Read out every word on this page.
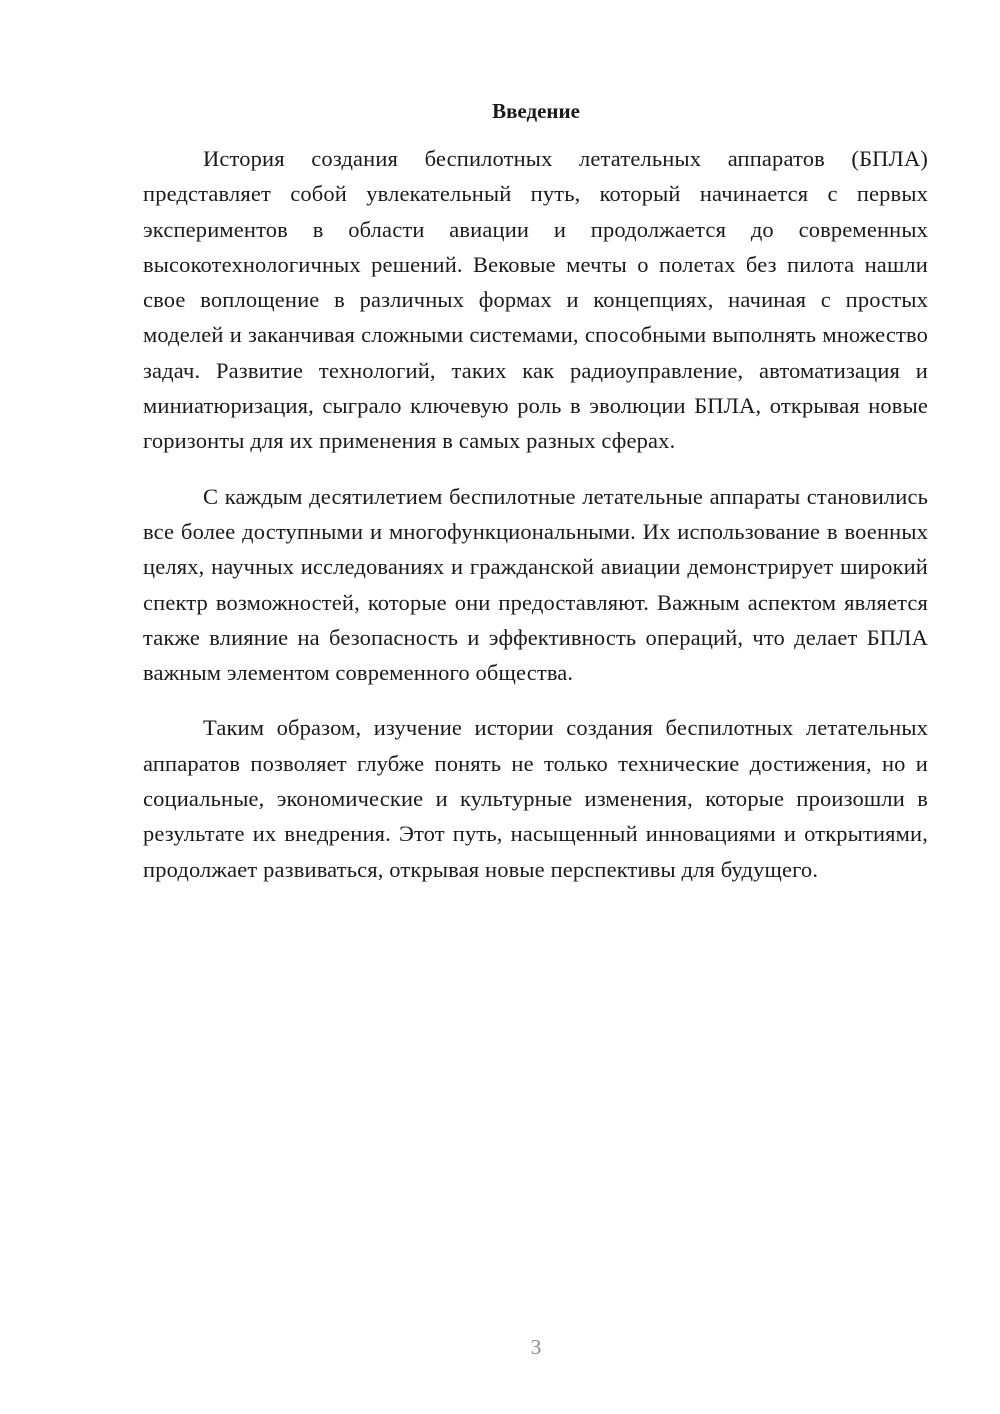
Введение

История создания беспилотных летательных аппаратов (БПЛА) представляет собой увлекательный путь, который начинается с первых экспериментов в области авиации и продолжается до современных высокотехнологичных решений. Вековые мечты о полетах без пилота нашли свое воплощение в различных формах и концепциях, начиная с простых моделей и заканчивая сложными системами, способными выполнять множество задач. Развитие технологий, таких как радиоуправление, автоматизация и миниатюризация, сыграло ключевую роль в эволюции БПЛА, открывая новые горизонты для их применения в самых разных сферах.

С каждым десятилетием беспилотные летательные аппараты становились все более доступными и многофункциональными. Их использование в военных целях, научных исследованиях и гражданской авиации демонстрирует широкий спектр возможностей, которые они предоставляют. Важным аспектом является также влияние на безопасность и эффективность операций, что делает БПЛА важным элементом современного общества.

Таким образом, изучение истории создания беспилотных летательных аппаратов позволяет глубже понять не только технические достижения, но и социальные, экономические и культурные изменения, которые произошли в результате их внедрения. Этот путь, насыщенный инновациями и открытиями, продолжает развиваться, открывая новые перспективы для будущего.

3
